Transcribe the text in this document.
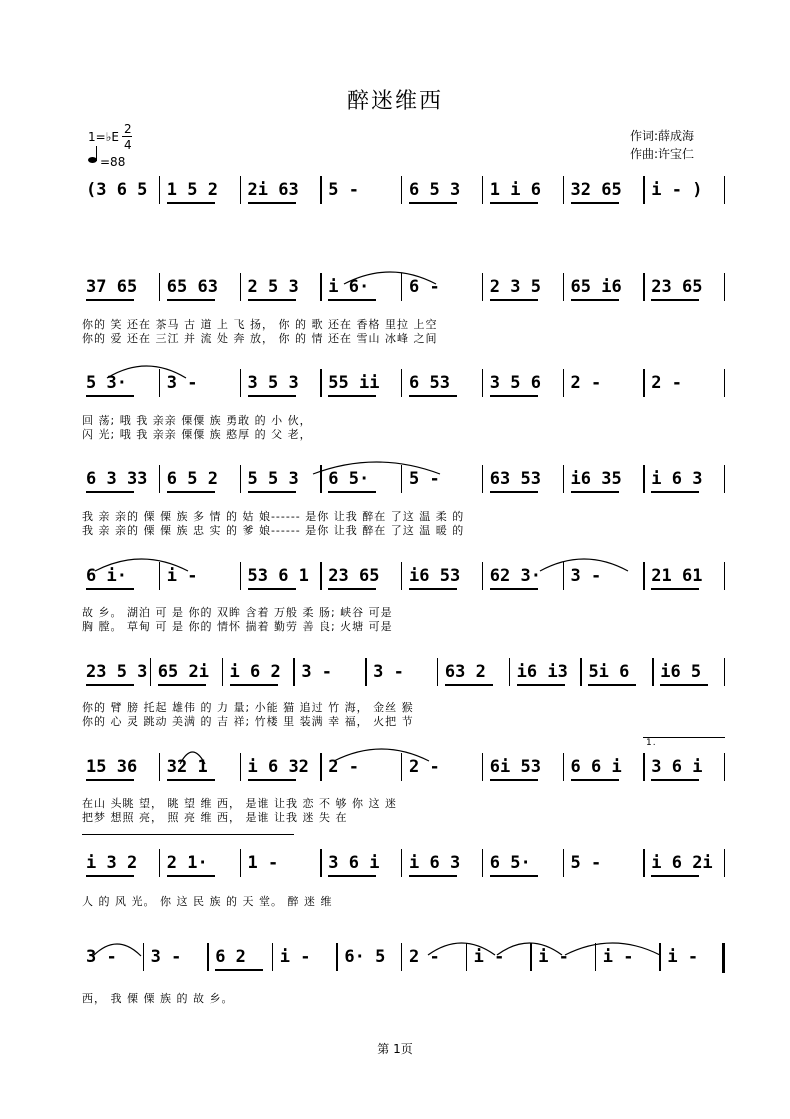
醉迷维西
1=♭E
2
4
=88
作词:薛成海
作曲:许宝仁
(3 6 5 1 5 2 2i 63 5 -	6 5 3 1 i 6 32 65 i - )
37 65 65 63 2 5 3 i 6· 6 -	2 3 5 65 i6 23 65
你的 笑 还在 茶马 古 道 上 飞 扬， 你 的 歌 还在 香格 里拉 上空
你的 爱 还在 三江 并 流 处 奔 放， 你 的 情 还在 雪山 冰峰 之间
5 3· 3 -	3 5 3 55 ii 6 53 3 5 6 2 -	2 -
回 荡; 哦 我 亲亲 傈僳 族 勇敢 的 小 伙，
闪 光; 哦 我 亲亲 傈僳 族 憨厚 的 父 老，
6 3 33 6 5 2 5 5 3 6 5· 5 -	63 53 i6 35 i 6 3
我 亲 亲的 傈 傈 族 多 情 的 姑 娘------ 是你 让我 醉在 了这 温 柔 的
我 亲 亲的 傈 傈 族 忠 实 的 爹 娘------ 是你 让我 醉在 了这 温 暖 的
6 i· i -	53 6 1 23 65 i6 53 62 3· 3 -	21 61
故 乡。 湖泊 可 是 你的 双眸 含着 万般 柔 肠; 峡谷 可是
胸 膛。 草甸 可 是 你的 情怀 揣着 勤劳 善 良; 火塘 可是
23 5 3 65 2i i 6 2 3 - 3 - 63 2 i6 i3 5i 6 i6 5
你的 臂 膀 托起 雄伟 的 力 量; 小能 猫 追过 竹 海， 金丝 猴
你的 心 灵 跳动 美满 的 吉 祥; 竹楼 里 装满 幸 福， 火把 节
15 36 32 1 i 6 32 2 -	2 -	6i 53 6 6 i 3 6 i
在山 头眺 望， 眺 望 维 西， 是谁 让我 恋 不 够 你 这 迷
把梦 想照 亮， 照 亮 维 西， 是谁 让我 迷 失 在
i 3 2 2 1· 1 -	3 6 i i 6 3 6 5· 5 -	i 6 2i
人 的 风 光。 你 这 民 族 的 天 堂。 醉 迷 维
3 - 3 - 6 2 i - 6· 5 2 - i - i - i - i -
西， 我 傈 傈 族 的 故 乡。
1.
第 1页
